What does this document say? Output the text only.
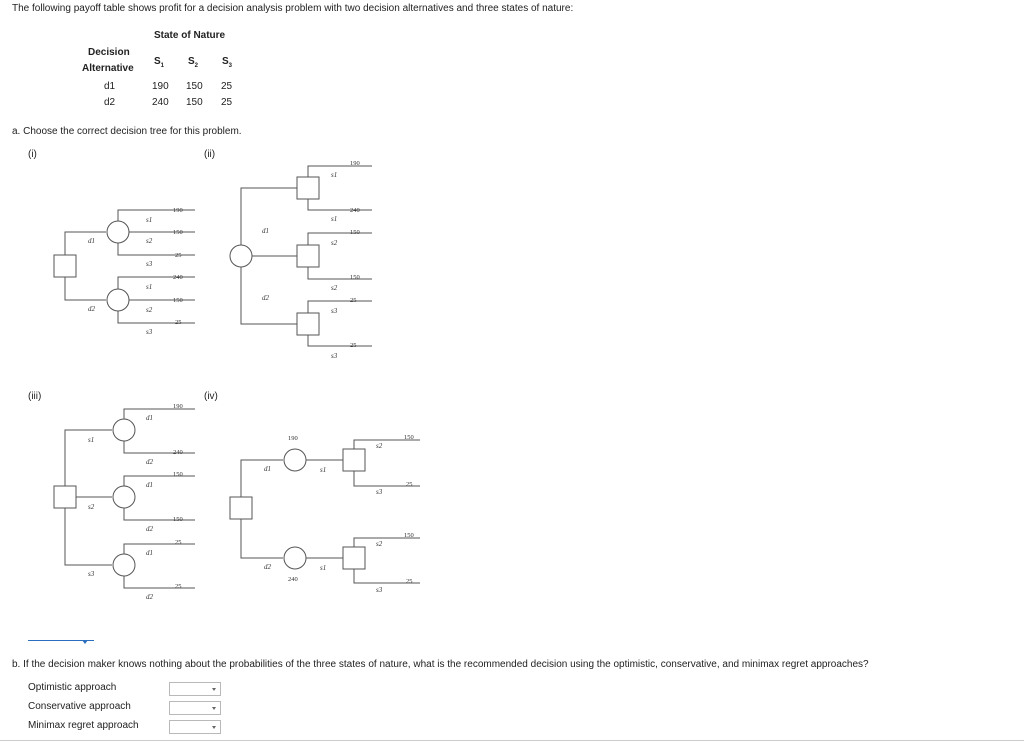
The following payoff table shows profit for a decision analysis problem with two decision alternatives and three states of nature:
State of Nature
Decision
Alternative
$S_1$ $S_2$ $S_3$
d1	190 150 25
d2	240 150 25
a. Choose the correct decision tree for this problem.
(i)	(ii)
(iii)	(iv)
d1
d2
s1
s2
s3
s1
s2
s3
d1
d2
s1
s1
s2
s2
s3
s3
s1
s2
s3
d1
d2
d1
d2
d1
d2
d1
d2
s1
s1
s2
s3
s2
s3
190
150
25
240
150
25
190
240
150
150
25
25
190
240
150
150
25
25
190
240
150
25
150
25
b. If the decision maker knows nothing about the probabilities of the three states of nature, what is the recommended decision using the optimistic, conservative, and minimax regret approaches?
Optimistic approach
Conservative approach
Minimax regret approach
